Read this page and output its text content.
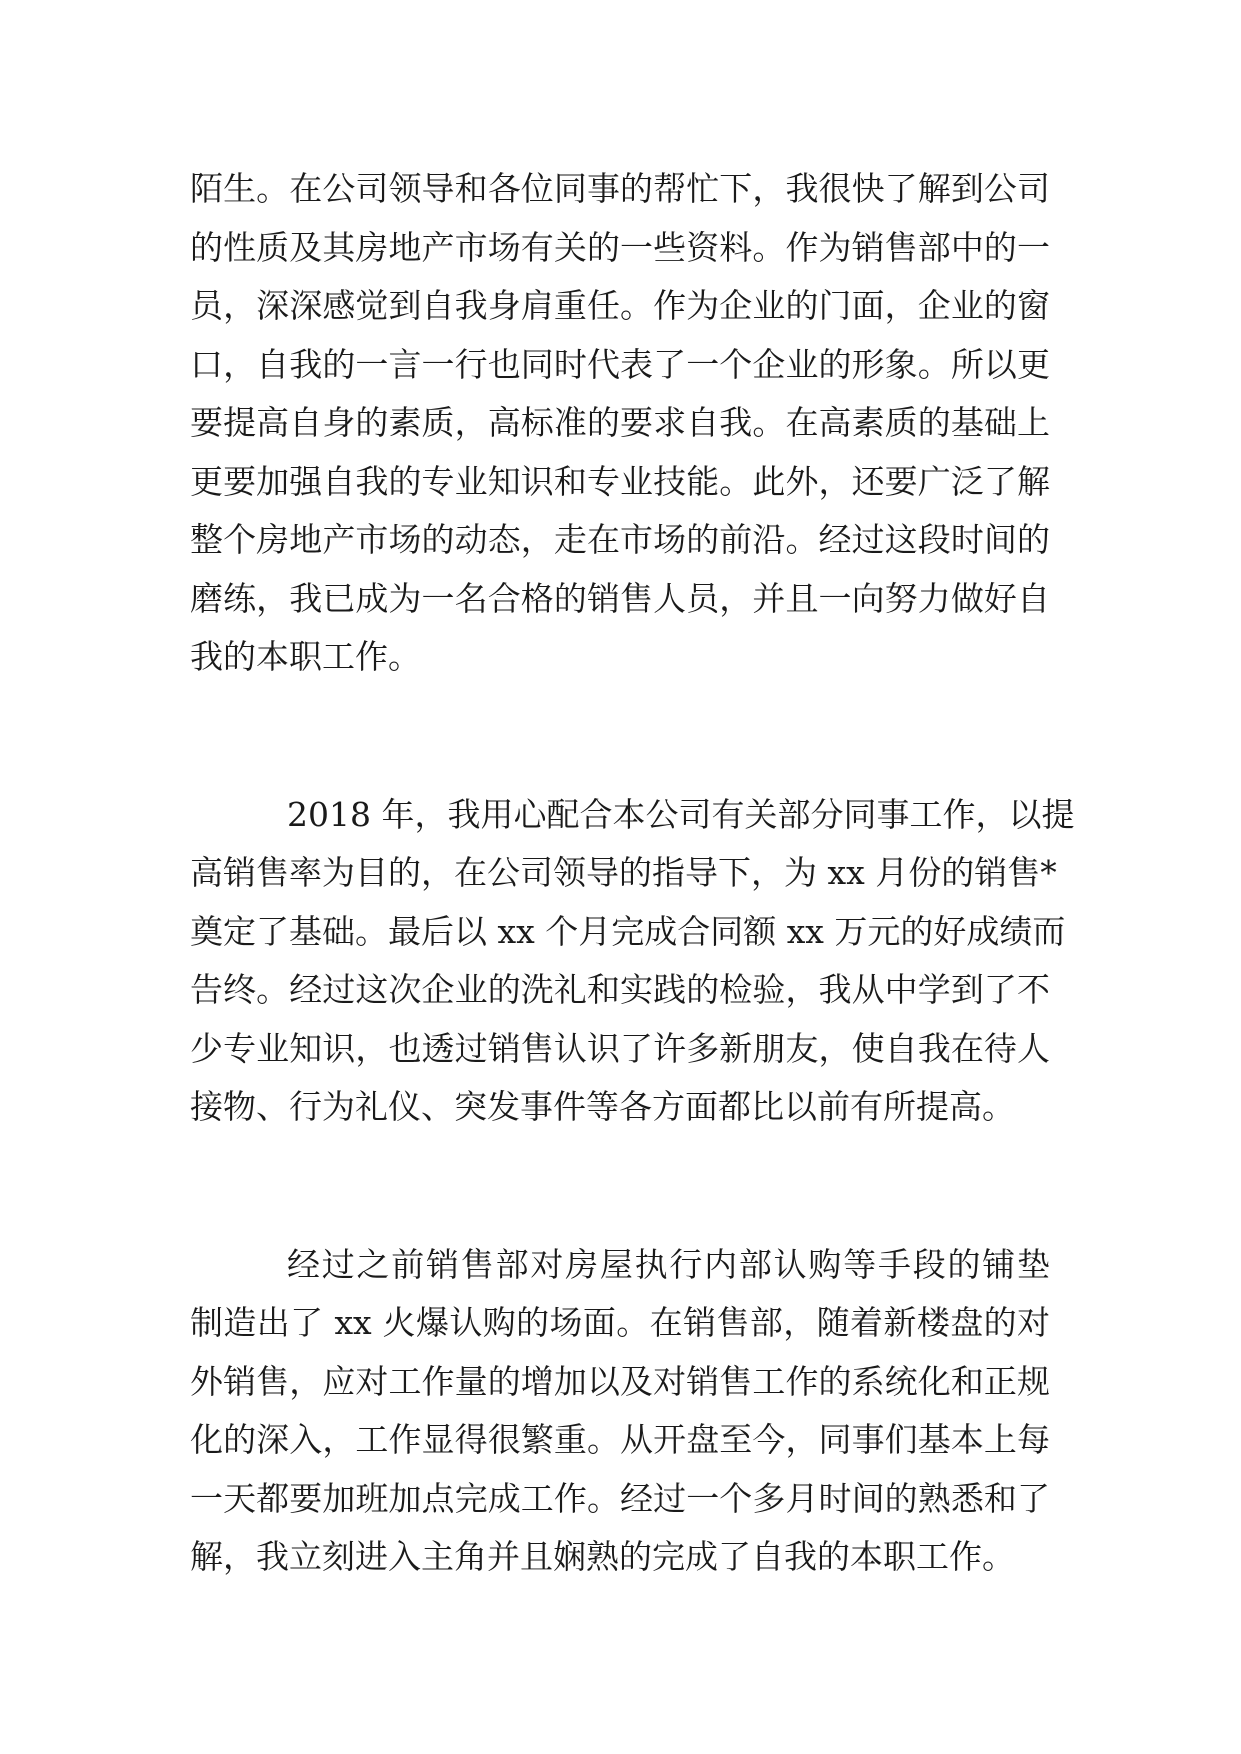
陌生。在公司领导和各位同事的帮忙下，我很快了解到公司
的性质及其房地产市场有关的一些资料。作为销售部中的一
员，深深感觉到自我身肩重任。作为企业的门面，企业的窗
口，自我的一言一行也同时代表了一个企业的形象。所以更
要提高自身的素质，高标准的要求自我。在高素质的基础上
更要加强自我的专业知识和专业技能。此外，还要广泛了解
整个房地产市场的动态，走在市场的前沿。经过这段时间的
磨练，我已成为一名合格的销售人员，并且一向努力做好自
我的本职工作。
2018 年，我用心配合本公司有关部分同事工作，以提
高销售率为目的，在公司领导的指导下，为 xx 月份的销售*
奠定了基础。最后以 xx 个月完成合同额 xx 万元的好成绩而
告终。经过这次企业的洗礼和实践的检验，我从中学到了不
少专业知识，也透过销售认识了许多新朋友，使自我在待人
接物、行为礼仪、突发事件等各方面都比以前有所提高。
经过之前销售部对房屋执行内部认购等手段的铺垫
制造出了 xx 火爆认购的场面。在销售部，随着新楼盘的对
外销售，应对工作量的增加以及对销售工作的系统化和正规
化的深入，工作显得很繁重。从开盘至今，同事们基本上每
一天都要加班加点完成工作。经过一个多月时间的熟悉和了
解，我立刻进入主角并且娴熟的完成了自我的本职工作。
